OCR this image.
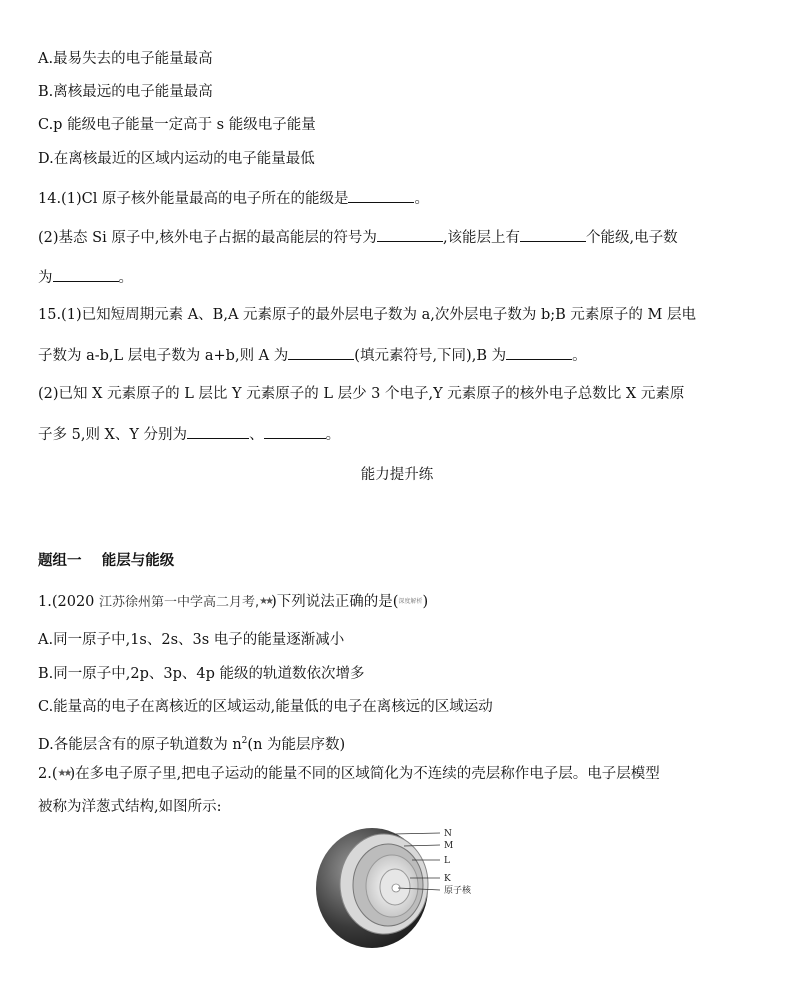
A.最易失去的电子能量最高
B.离核最远的电子能量最高
C.p 能级电子能量一定高于 s 能级电子能量
D.在离核最近的区域内运动的电子能量最低
14.(1)Cl 原子核外能量最高的电子所在的能级是	。
(2)基态 Si 原子中,核外电子占据的最高能层的符号为	,该能层上有	个能级,电子数
为	。
15.(1)已知短周期元素 A、B,A 元素原子的最外层电子数为 a,次外层电子数为 b;B 元素原子的 M 层电
子数为 a-b,L 层电子数为 a+b,则 A 为	(填元素符号,下同),B 为	。
(2)已知 X 元素原子的 L 层比 Y 元素原子的 L 层少 3 个电子,Y 元素原子的核外电子总数比 X 元素原
子多 5,则 X、Y 分别为	、	。
能力提升练
题组一    能层与能级
1.(2020 江苏徐州第一中学高二月考,★★)下列说法正确的是(深度解析)
A.同一原子中,1s、2s、3s 电子的能量逐渐减小
B.同一原子中,2p、3p、4p 能级的轨道数依次增多
C.能量高的电子在离核近的区域运动,能量低的电子在离核远的区域运动
D.各能层含有的原子轨道数为 $n^2(n$ 为能层序数)
2.(★★)在多电子原子里,把电子运动的能量不同的区域简化为不连续的壳层称作电子层。电子层模型
被称为洋葱式结构,如图所示:
N
M
L
K
原子核
